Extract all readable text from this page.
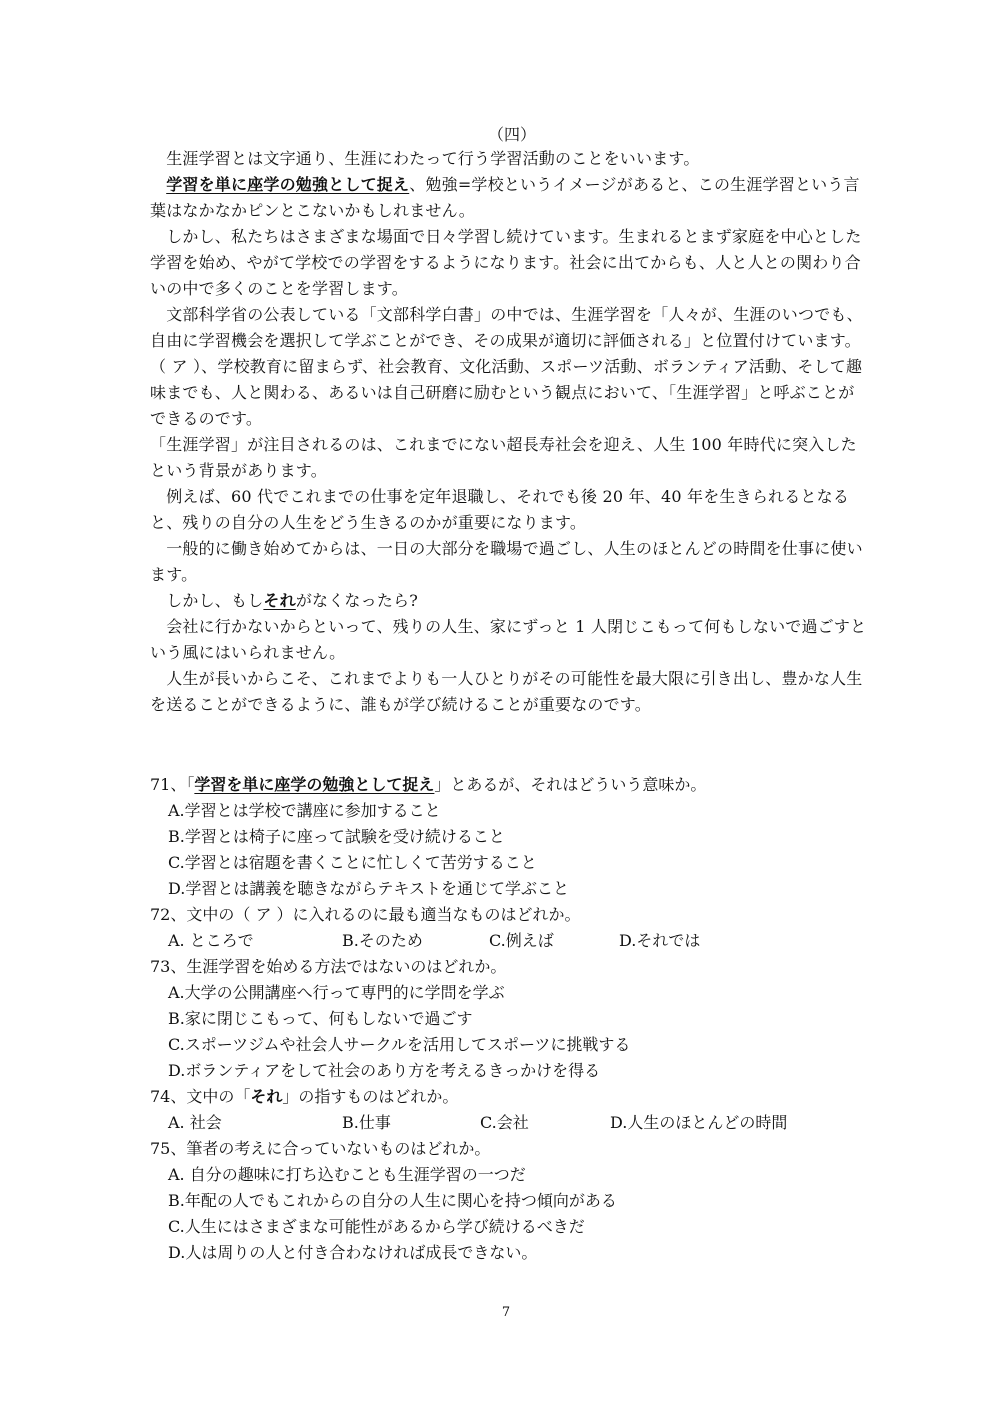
（四）

　生涯学習とは文字通り、生涯にわたって行う学習活動のことをいいます。

　学習を単に座学の勉強として捉え、勉強=学校というイメージがあると、この生涯学習という言葉はなかなかピンとこないかもしれません。

　しかし、私たちはさまざまな場面で日々学習し続けています。生まれるとまず家庭を中心とした学習を始め、やがて学校での学習をするようになります。社会に出てからも、人と人との関わり合いの中で多くのことを学習します。

　文部科学省の公表している「文部科学白書」の中では、生涯学習を「人々が、生涯のいつでも、自由に学習機会を選択して学ぶことができ、その成果が適切に評価される」と位置付けています。

（ ア ）、学校教育に留まらず、社会教育、文化活動、スポーツ活動、ボランティア活動、そして趣味までも、人と関わる、あるいは自己研磨に励むという観点において、「生涯学習」と呼ぶことができるのです。

「生涯学習」が注目されるのは、これまでにない超長寿社会を迎え、人生 100 年時代に突入したという背景があります。

　例えば、60 代でこれまでの仕事を定年退職し、それでも後 20 年、40 年を生きられるとなると、残りの自分の人生をどう生きるのかが重要になります。

　一般的に働き始めてからは、一日の大部分を職場で過ごし、人生のほとんどの時間を仕事に使います。

　しかし、もしそれがなくなったら?

　会社に行かないからといって、残りの人生、家にずっと 1 人閉じこもって何もしないで過ごすという風にはいられません。

　人生が長いからこそ、これまでよりも一人ひとりがその可能性を最大限に引き出し、豊かな人生を送ることができるように、誰もが学び続けることが重要なのです。

71、「学習を単に座学の勉強として捉え」とあるが、それはどういう意味か。

A.学習とは学校で講座に参加すること

B.学習とは椅子に座って試験を受け続けること

C.学習とは宿題を書くことに忙しくて苦労すること

D.学習とは講義を聴きながらテキストを通じて学ぶこと

72、文中の（ ア ）に入れるのに最も適当なものはどれか。

A. ところで	B.そのため	C.例えば	D.それでは

73、生涯学習を始める方法ではないのはどれか。

A.大学の公開講座へ行って専門的に学問を学ぶ

B.家に閉じこもって、何もしないで過ごす

C.スポーツジムや社会人サークルを活用してスポーツに挑戦する

D.ボランティアをして社会のあり方を考えるきっかけを得る

74、文中の「それ」の指すものはどれか。

A. 社会	B.仕事	C.会社	D.人生のほとんどの時間

75、筆者の考えに合っていないものはどれか。

A. 自分の趣味に打ち込むことも生涯学習の一つだ

B.年配の人でもこれからの自分の人生に関心を持つ傾向がある

C.人生にはさまざまな可能性があるから学び続けるべきだ

D.人は周りの人と付き合わなければ成長できない。

7
